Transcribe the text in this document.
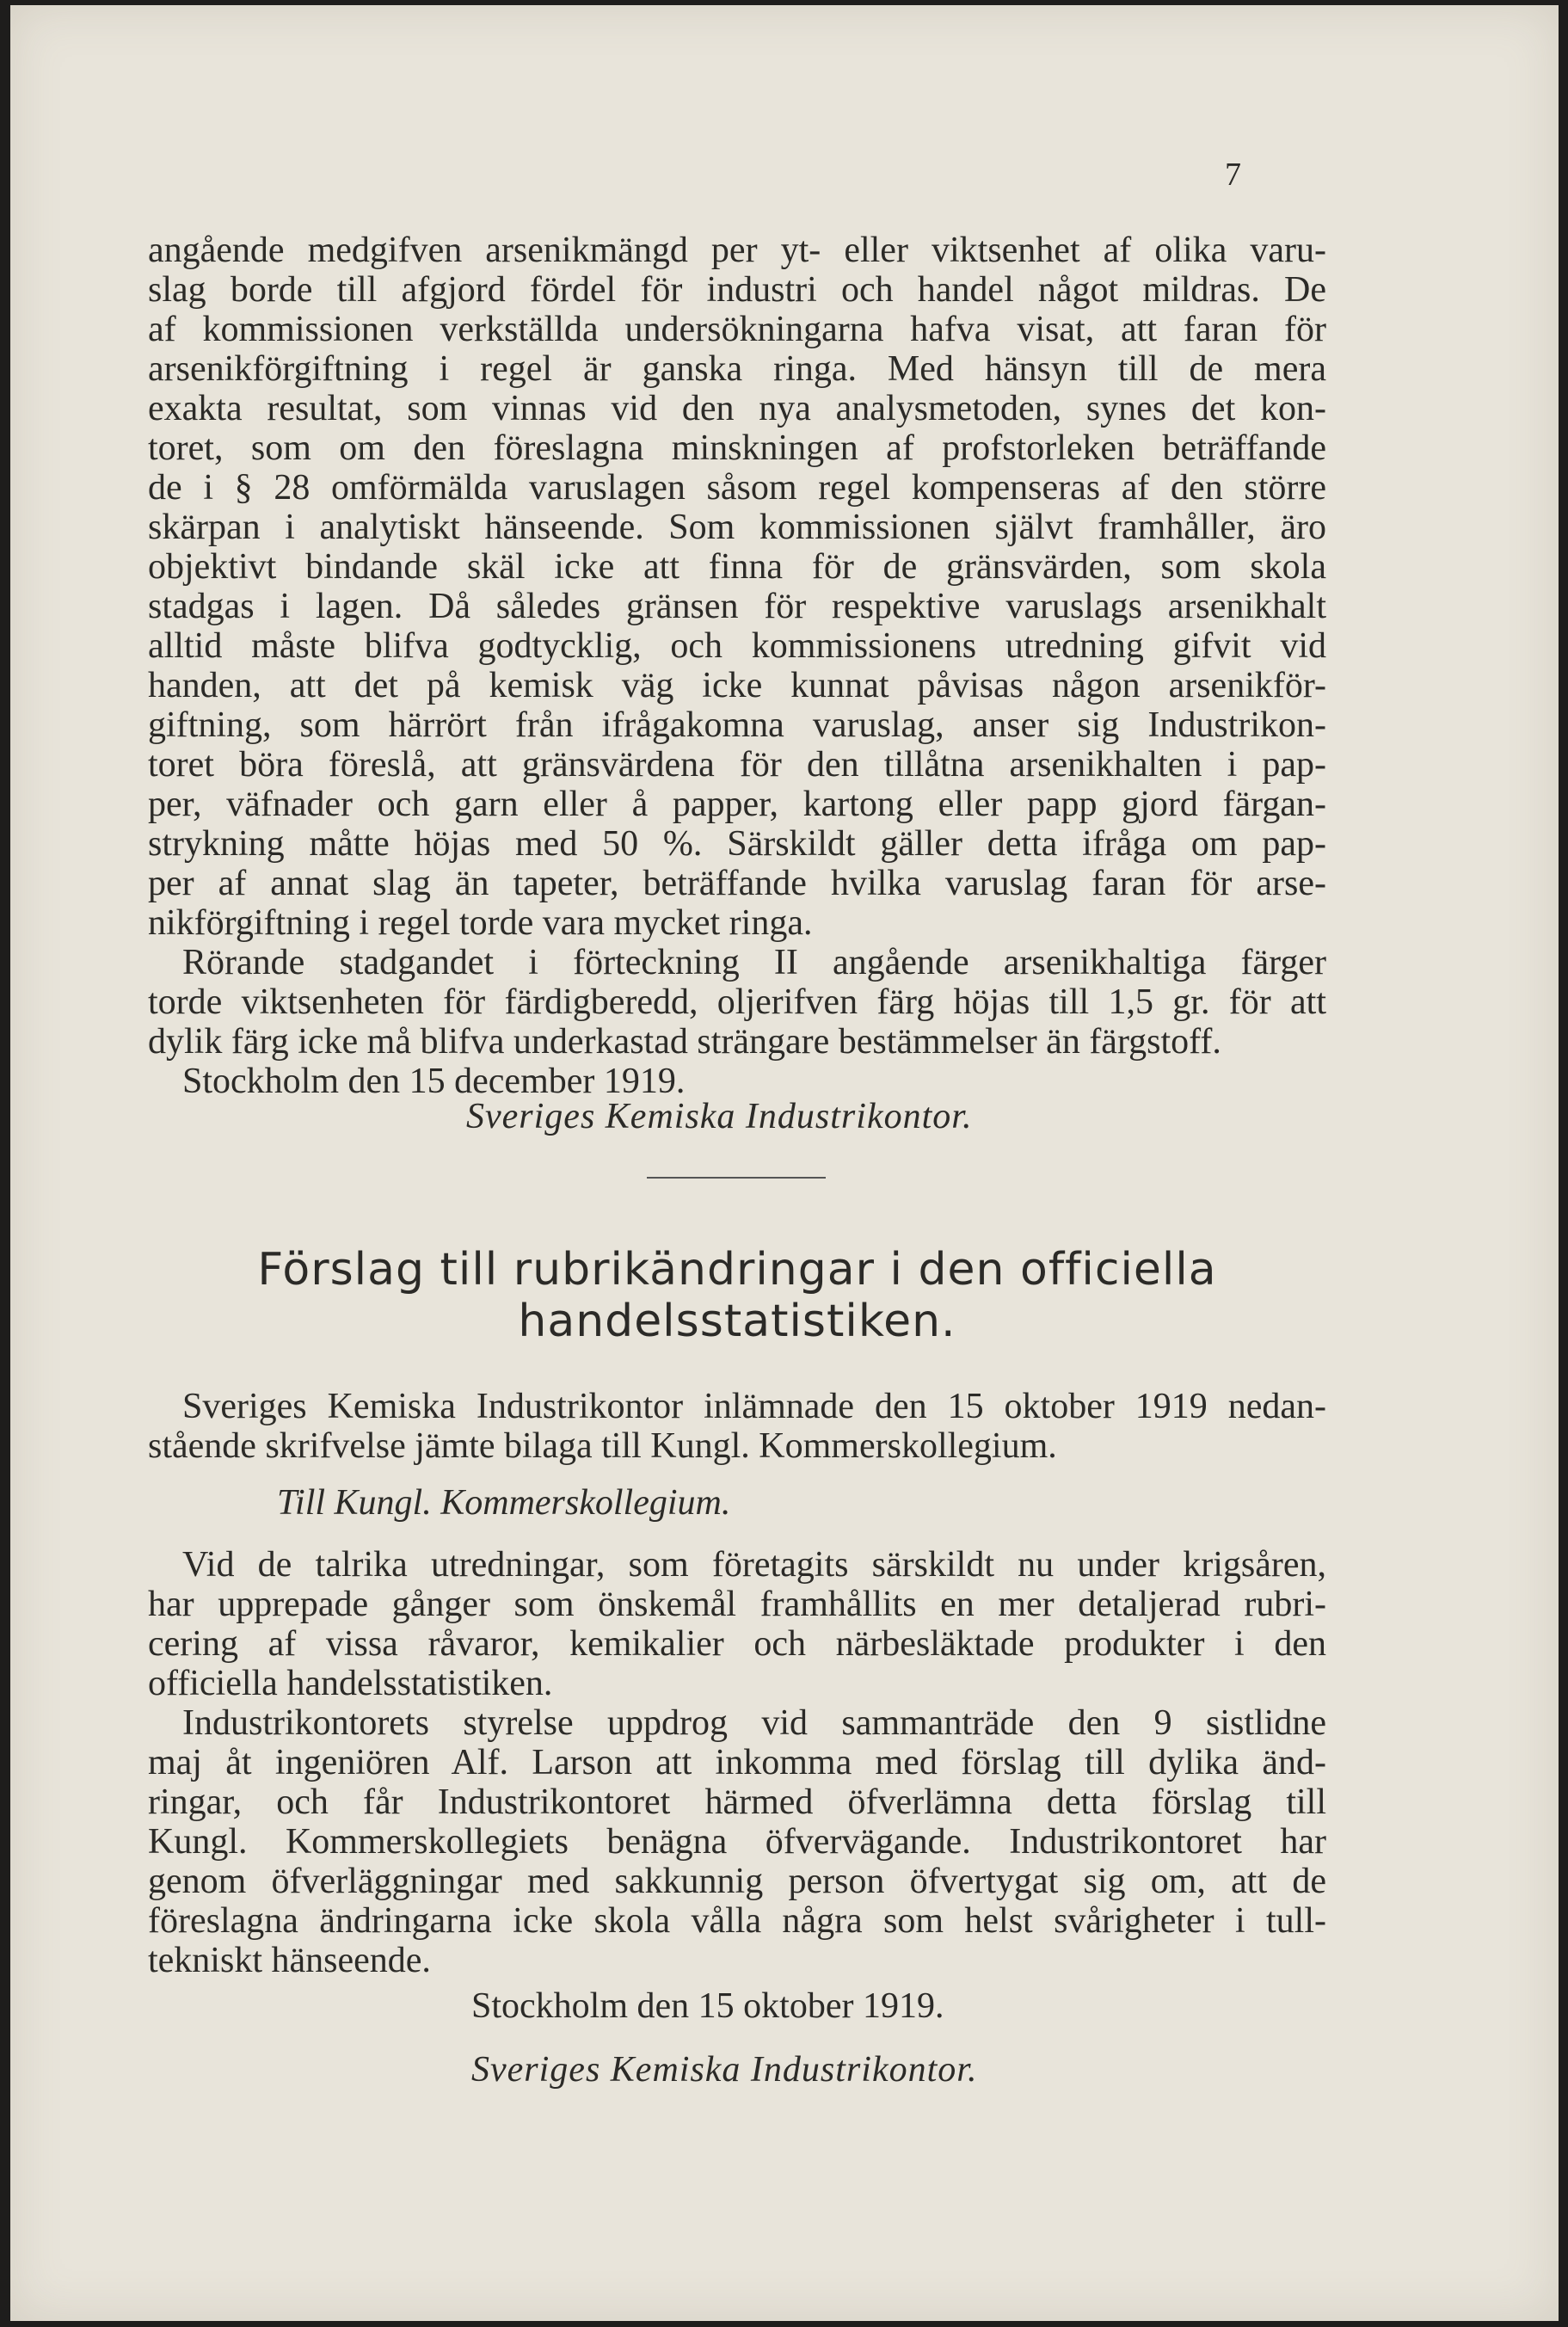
7
angående medgifven arsenikmängd per yt- eller viktsenhet af olika varu-
slag borde till afgjord fördel för industri och handel något mildras. De
af kommissionen verkställda undersökningarna hafva visat, att faran för
arsenikförgiftning i regel är ganska ringa. Med hänsyn till de mera
exakta resultat, som vinnas vid den nya analysmetoden, synes det kon-
toret, som om den föreslagna minskningen af profstorleken beträffande
de i § 28 omförmälda varuslagen såsom regel kompenseras af den större
skärpan i analytiskt hänseende. Som kommissionen självt framhåller, äro
objektivt bindande skäl icke att finna för de gränsvärden, som skola
stadgas i lagen. Då således gränsen för respektive varuslags arsenikhalt
alltid måste blifva godtycklig, och kommissionens utredning gifvit vid
handen, att det på kemisk väg icke kunnat påvisas någon arsenikför-
giftning, som härrört från ifrågakomna varuslag, anser sig Industrikon-
toret böra föreslå, att gränsvärdena för den tillåtna arsenikhalten i pap-
per, väfnader och garn eller å papper, kartong eller papp gjord färgan-
strykning måtte höjas med 50 %. Särskildt gäller detta ifråga om pap-
per af annat slag än tapeter, beträffande hvilka varuslag faran för arse-
nikförgiftning i regel torde vara mycket ringa.
Rörande stadgandet i förteckning II angående arsenikhaltiga färger
torde viktsenheten för färdigberedd, oljerifven färg höjas till 1,5 gr. för att
dylik färg icke må blifva underkastad strängare bestämmelser än färgstoff.
Stockholm den 15 december 1919.
Sveriges Kemiska Industrikontor.
Förslag till rubrikändringar i den officiella
handelsstatistiken.
Sveriges Kemiska Industrikontor inlämnade den 15 oktober 1919 nedan-
stående skrifvelse jämte bilaga till Kungl. Kommerskollegium.
Till Kungl. Kommerskollegium.
Vid de talrika utredningar, som företagits särskildt nu under krigsåren,
har upprepade gånger som önskemål framhållits en mer detaljerad rubri-
cering af vissa råvaror, kemikalier och närbesläktade produkter i den
officiella handelsstatistiken.
Industrikontorets styrelse uppdrog vid sammanträde den 9 sistlidne
maj åt ingeniören Alf. Larson att inkomma med förslag till dylika änd-
ringar, och får Industrikontoret härmed öfverlämna detta förslag till
Kungl. Kommerskollegiets benägna öfvervägande. Industrikontoret har
genom öfverläggningar med sakkunnig person öfvertygat sig om, att de
föreslagna ändringarna icke skola vålla några som helst svårigheter i tull-
tekniskt hänseende.
Stockholm den 15 oktober 1919.
Sveriges Kemiska Industrikontor.
